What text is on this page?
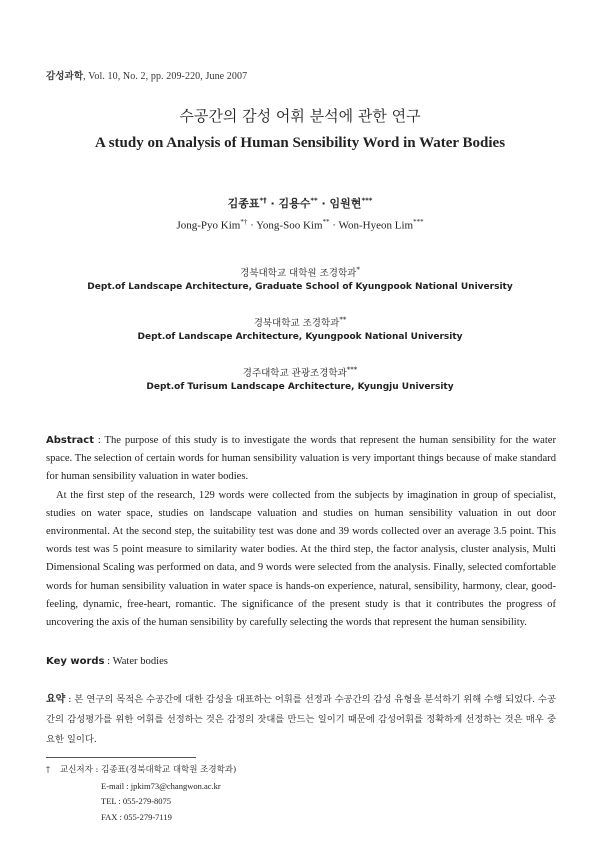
감성과학, Vol. 10, No. 2, pp. 209-220, June 2007
수공간의 감성 어휘 분석에 관한 연구
A study on Analysis of Human Sensibility Word in Water Bodies
김종표*† · 김용수** · 임원현***
Jong-Pyo Kim*† · Yong-Soo Kim** · Won-Hyeon Lim***
경북대학교 대학원 조경학과*
Dept.of Landscape Architecture, Graduate School of Kyungpook National University
경북대학교 조경학과**
Dept.of Landscape Architecture, Kyungpook National University
경주대학교 관광조경학과***
Dept.of Turisum Landscape Architecture, Kyungju University

Abstract : The purpose of this study is to investigate the words that represent the human sensibility for the water space. The selection of certain words for human sensibility valuation is very important things because of make standard for human sensibility valuation in water bodies.

At the first step of the research, 129 words were collected from the subjects by imagination in group of specialist, studies on water space, studies on landscape valuation and studies on human sensibility valuation in out door environmental. At the second step, the suitability test was done and 39 words collected over an average 3.5 point. This words test was 5 point measure to similarity water bodies. At the third step, the factor analysis, cluster analysis, Multi Dimensional Scaling was performed on data, and 9 words were selected from the analysis. Finally, selected comfortable words for human sensibility valuation in water space is hands-on experience, natural, sensibility, harmony, clear, good-feeling, dynamic, free-heart, romantic. The significance of the present study is that it contributes the progress of uncovering the axis of the human sensibility by carefully selecting the words that represent the human sensibility.

Key words : Water bodies
요약 : 본 연구의 목적은 수공간에 대한 감성을 대표하는 어휘를 선정과 수공간의 감성 유형을 분석하기 위해 수행 되었다. 수공간의 감성평가를 위한 어휘를 선정하는 것은 감정의 잣대를 만드는 일이기 때문에 감성어휘를 정확하게 선정하는 것은 매우 중요한 일이다.
† 교신저자 : 김종표(경북대학교 대학원 조경학과)
E-mail : jpkim73@changwon.ac.kr
TEL : 055-279-8075
FAX : 055-279-7119
